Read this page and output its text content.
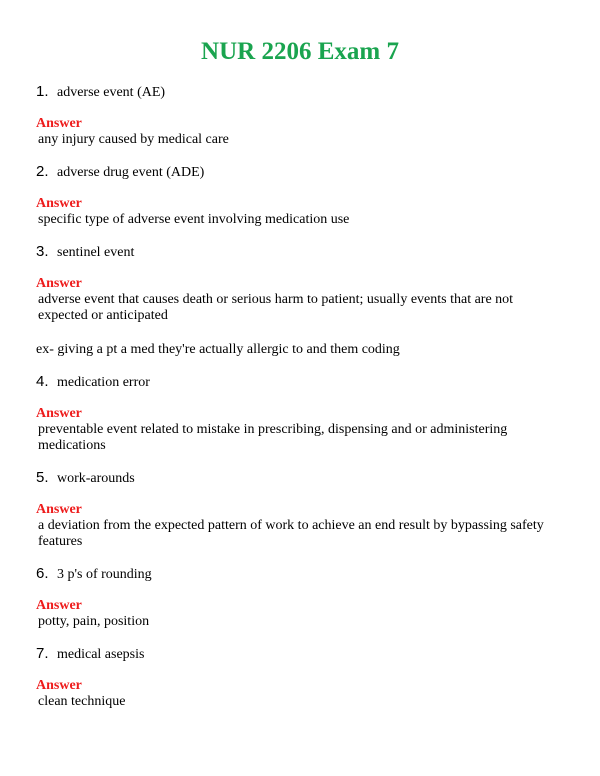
NUR 2206 Exam 7
1. adverse event (AE)
Answer
any injury caused by medical care
2. adverse drug event (ADE)
Answer
specific type of adverse event involving medication use
3. sentinel event
Answer
adverse event that causes death or serious harm to patient; usually events that are not expected or anticipated
ex- giving a pt a med they're actually allergic to and them coding
4. medication error
Answer
preventable event related to mistake in prescribing, dispensing and or administering medications
5. work-arounds
Answer
a deviation from the expected pattern of work to achieve an end result by bypassing safety features
6. 3 p's of rounding
Answer
potty, pain, position
7. medical asepsis
Answer
clean technique
